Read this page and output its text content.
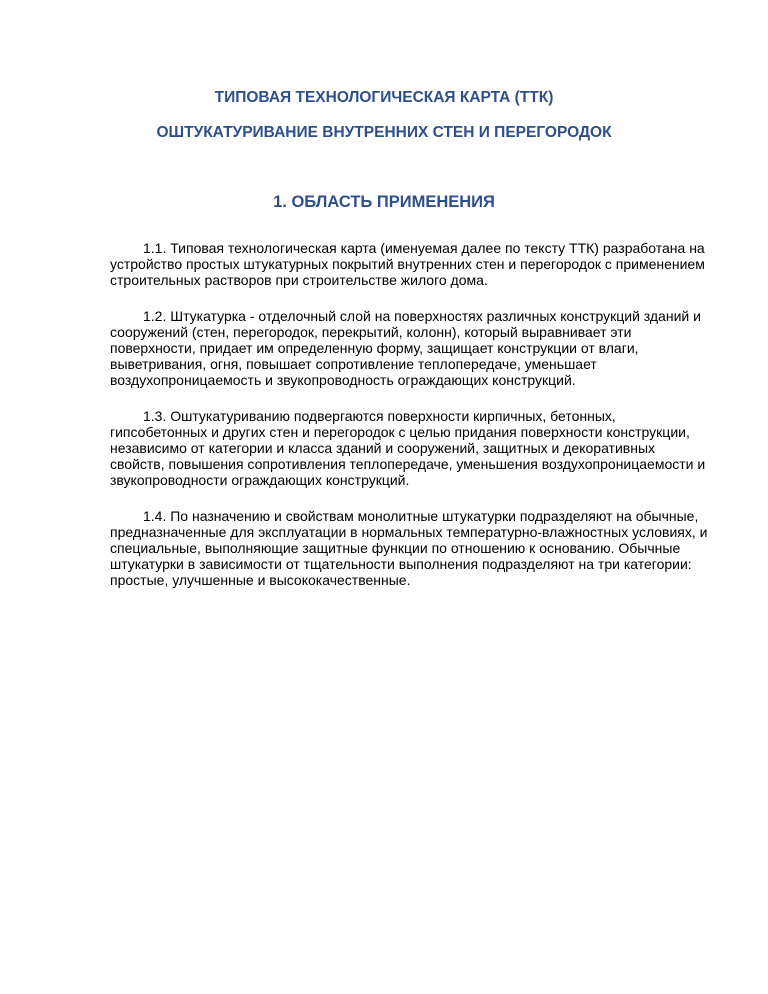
ТИПОВАЯ ТЕХНОЛОГИЧЕСКАЯ КАРТА (ТТК)
ОШТУКАТУРИВАНИЕ ВНУТРЕННИХ СТЕН И ПЕРЕГОРОДОК
1. ОБЛАСТЬ ПРИМЕНЕНИЯ

1.1. Типовая технологическая карта (именуемая далее по тексту ТТК) разработана на устройство простых штукатурных покрытий внутренних стен и перегородок с применением строительных растворов при строительстве жилого дома.

1.2. Штукатурка - отделочный слой на поверхностях различных конструкций зданий и сооружений (стен, перегородок, перекрытий, колонн), который выравнивает эти поверхности, придает им определенную форму, защищает конструкции от влаги, выветривания, огня, повышает сопротивление теплопередаче, уменьшает воздухопроницаемость и звукопроводность ограждающих конструкций.

1.3. Оштукатуриванию подвергаются поверхности кирпичных, бетонных, гипсобетонных и других стен и перегородок с целью придания поверхности конструкции, независимо от категории и класса зданий и сооружений, защитных и декоративных свойств, повышения сопротивления теплопередаче, уменьшения воздухопроницаемости и звукопроводности ограждающих конструкций.

1.4. По назначению и свойствам монолитные штукатурки подразделяют на обычные, предназначенные для эксплуатации в нормальных температурно-влажностных условиях, и специальные, выполняющие защитные функции по отношению к основанию. Обычные штукатурки в зависимости от тщательности выполнения подразделяют на три категории: простые, улучшенные и высококачественные.
